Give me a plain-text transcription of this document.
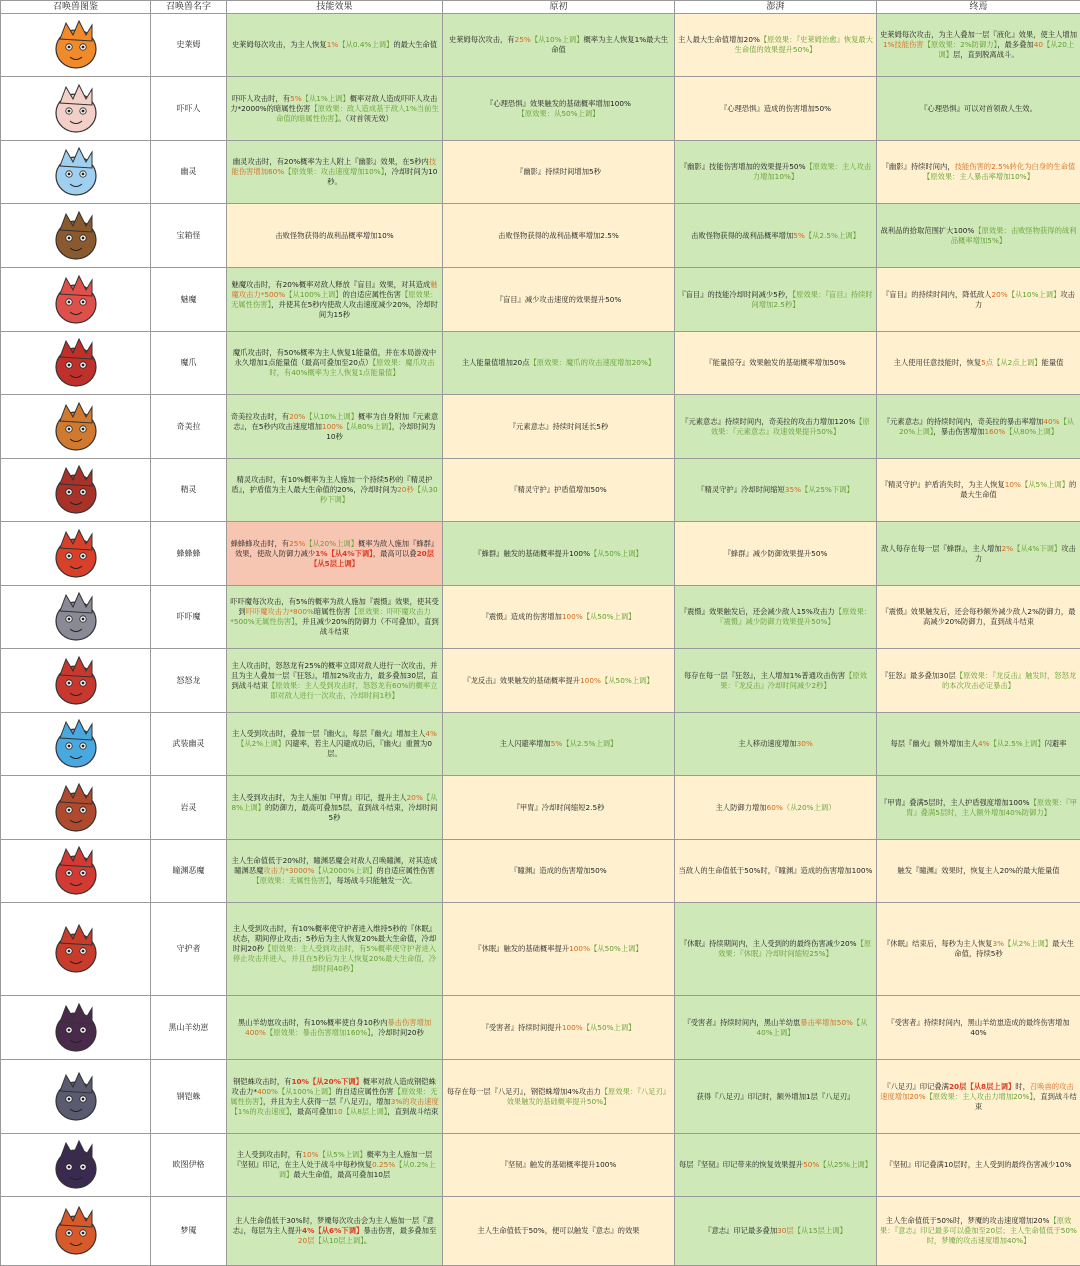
召唤兽图鉴	召唤兽名字	技能效果	原初	澎湃	终焉

	史莱姆	史莱姆每次攻击，为主人恢复1%【从0.4%上调】的最大生命值	史莱姆每次攻击，有25%【从10%上调】概率为主人恢复1%最大生命值	主人最大生命值增加20%【原效果：『史莱姆治愈』恢复最大生命值的效果提升50%】	史莱姆每次攻击，为主人叠加一层『液化』效果，使主人增加1%技能伤害【原效果：2%防御力】，最多叠加40【从20上调】层，直到脱离战斗。

	吓吓人	吓吓人攻击时，有5%【从1%上调】概率对敌人造成吓吓人攻击力*2000%的暗属性伤害【原效果：敌人造成基于敌人1%当前生命值的暗属性伤害】。（对首领无效）	『心理恐惧』效果触发的基础概率增加100%【原效果：从50%上调】	『心理恐惧』造成的伤害增加50%	『心理恐惧』可以对首领敌人生效。

	幽灵	幽灵攻击时，有20%概率为主人附上『幽影』效果，在5秒内技能伤害增加60%【原效果：攻击速度增加10%】，冷却时间为10秒。	『幽影』持续时间增加5秒	『幽影』技能伤害增加的效果提升50%【原效果：主人攻击力增加10%】	『幽影』持续时间内，技能伤害的2.5%转化为白身的生命值【原效果：主人暴击率增加10%】

	宝箱怪	击败怪物获得的战利品概率增加10%	击败怪物获得的战利品概率增加2.5%	击败怪物获得的战利品概率增加5%【从2.5%上调】	战利品的拾取范围扩大100%【原效果：击败怪物获得的战利品概率增加5%】

	魅魔	魅魔攻击时，有20%概率对敌人释放『盲目』效果，对其造成魅魔攻击力*500%【从100%上调】的自适应属性伤害【原效果：无属性伤害】，并使其在5秒内使敌人攻击速度减少20%，冷却时间为15秒	『盲目』减少攻击速度的效果提升50%	『盲目』的技能冷却时间减少5秒，【原效果：『盲目』持续时间增加2.5秒】	『盲目』的持续时间内，降低敌人20%【从10%上调】攻击力

	魔爪	魔爪攻击时，有50%概率为主人恢复1能量值，并在本局游戏中永久增加1点能量值（最高可叠加至20点）【原效果：魔爪攻击时，有40%概率为主人恢复1点能量值】	主人能量值增加20点【原效果：魔爪的攻击速度增加20%】	『能量掠夺』效果触发的基础概率增加50%	主人使用任意技能时，恢复5点【从2点上调】能量值

	奇美拉	奇美拉攻击时，有20%【从10%上调】概率为自身附加『元素意志』，在5秒内攻击速度增加100%【从80%上调】，冷却时间为10秒	『元素意志』持续时间延长5秒	『元素意志』持续时间内，奇美拉的攻击力增加120%【原效果：『元素意志』攻速效果提升50%】	『元素意志』的持续时间内，奇美拉的暴击率增加40%【从20%上调】，暴击伤害增加160%【从80%上调】

	精灵	精灵攻击时，有10%概率为主人施加一个持续5秒的『精灵护盾』，护盾值为主人最大生命值的20%，冷却时间为20秒【从30秒下调】	『精灵守护』护盾值增加50%	『精灵守护』冷却时间缩短35%【从25%下调】	『精灵守护』护盾消失时，为主人恢复10%【从5%上调】的最大生命值

	蜂蜂蜂	蜂蜂蜂攻击时，有25%【从20%上调】概率为敌人施加『蜂群』效果，使敌人防御力减少1%【从4%下调】，最高可以叠20层【从5层上调】	『蜂群』触发的基础概率提升100%【从50%上调】	『蜂群』减少防御效果提升50%	敌人每存在每一层『蜂群』，主人增加2%【从4%下调】攻击力

	吓吓魔	吓吓魔每次攻击，有5%的概率为敌人施加『震慑』效果，使其受到吓吓魔攻击力*800%暗属性伤害【原效果：吓吓魔攻击力*500%无属性伤害】，并且减少20%的防御力（不可叠加），直到战斗结束	『震慑』造成的伤害增加100%【从50%上调】	『震慑』效果触发后，还会减少敌人15%攻击力【原效果：『震慑』减少防御力效果提升50%】	『震慑』效果触发后，还会每秒额外减少敌人2%防御力，最高减少20%防御力，直到战斗结束

	怒怒龙	主人攻击时，怒怒龙有25%的概率立即对敌人进行一次攻击，并且为主人叠加一层『狂怒』，增加2%攻击力，最多叠加30层，直到战斗结束【原效果：主人受到攻击时，怒怒龙有60%的概率立即对敌人进行一次攻击，冷却时间1秒】	『龙反击』效果触发的基础概率提升100%【从50%上调】	每存在每一层『狂怒』，主人增加1%普通攻击伤害【原效果：『龙反击』冷却时间减少2秒】	『狂怒』最多叠加30层【原效果：『龙反击』触发时，怒怒龙的本次攻击必定暴击】

	武装幽灵	主人受到攻击时，叠加一层『幽火』，每层『幽火』增加主人4%【从2%上调】闪避率，若主人闪避成功后，『幽火』重置为0层。	主人闪避率增加5%【从2.5%上调】	主人移动速度增加30%	每层『幽火』额外增加主人4%【从2.5%上调】闪避率

	岩灵	主人受到攻击时，为主人施加『甲胄』印记，提升主人20%【从8%上调】的防御力，最高可叠加5层，直到战斗结束，冷却时间5秒	『甲胄』冷却时间缩短2.5秒	主人防御力增加60%（从20%上调）	『甲胄』叠满5层时，主人护盾强度增加100%【原效果：『甲胄』叠满5层时，主人额外增加40%防御力】

	瞳渊恶魔	主人生命值低于20%时，瞳渊恶魔会对敌人召唤瞳渊，对其造成瞳渊恶魔攻击力*3000%【从2000%上调】的自适应属性伤害【原效果：无属性伤害】，每场战斗只能触发一次。	『瞳渊』造成的伤害增加50%	当敌人的生命值低于50%时，『瞳渊』造成的伤害增加100%	触发『瞳渊』效果时，恢复主人20%的最大能量值

	守护者	主人受到攻击时，有10%概率使守护者进入维持5秒的『休眠』状态，期间停止攻击；5秒后为主人恢复20%最大生命值，冷却时间20秒【原效果：主人受到攻击时，有5%概率使守护者进入停止攻击并进入，并且在5秒后为主人恢复20%最大生命值，冷却时间40秒】	『休眠』触发的基础概率提升100%【从50%上调】	『休眠』持续期间内，主人受到的的最终伤害减少20%【原效果：『休眠』冷却时间缩短25%】	『休眠』结束后，每秒为主人恢复3%【从2%上调】最大生命值，持续5秒

	黑山羊幼崽	黑山羊幼崽攻击时，有10%概率使自身10秒内暴击伤害增加400%【原效果：暴击伤害增加160%】，冷却时间20秒	『受害者』持续时间提升100%【从50%上调】	『受害者』持续时间内，黑山羊幼崽暴击率增加50%【从40%上调】	『受害者』持续时间内，黑山羊幼崽造成的最终伤害增加40%

	钢铠蛛	钢铠蛛攻击时，有10%【从20%下调】概率对敌人造成钢铠蛛攻击力*400%【从100%上调】的自适应属性伤害【原效果：无属性伤害】，并且为主人获得一层『八足刃』，增加3%的攻击速度【1%的攻击速度】，最高可叠加10【从8层上调】，直到战斗结束	每存在每一层『八足刃』，钢铠蛛增加4%攻击力【原效果：『八足刃』效果触发的基础概率提升50%】	获得『八足刃』印记时，额外增加1层『八足刃』	『八足刃』印记叠满20层【从8层上调】时，召唤兽的攻击速度增加20%【原效果：主人攻击力增加20%】，直到战斗结束

	欧图伊格	主人受到攻击时，有10%【从5%上调】概率为主人施加一层『坚韧』印记，在主人处于战斗中每秒恢复0.25%【从0.2%上调】最大生命值，最高可叠加10层	『坚韧』触发的基础概率提升100%	每层『坚韧』印记带来的恢复效果提升50%【从25%上调】	『坚韧』印记叠满10层时，主人受到的最终伤害减少10%

	梦魇	主人生命值低于30%时，梦魇每次攻击会为主人施加一层『意志』，每层为主人提升4%【从6%下调】暴击伤害，最多叠加至20层【从10层上调】。	主人生命值低于50%，便可以触发『意志』的效果	『意志』印记最多叠加30层【从15层上调】	主人生命值低于50%时，梦魇的攻击速度增加20%【原效果：『意志』印记最多可以叠加至20层；主人生命值低于50%时，梦魇的攻击速度增加40%】
